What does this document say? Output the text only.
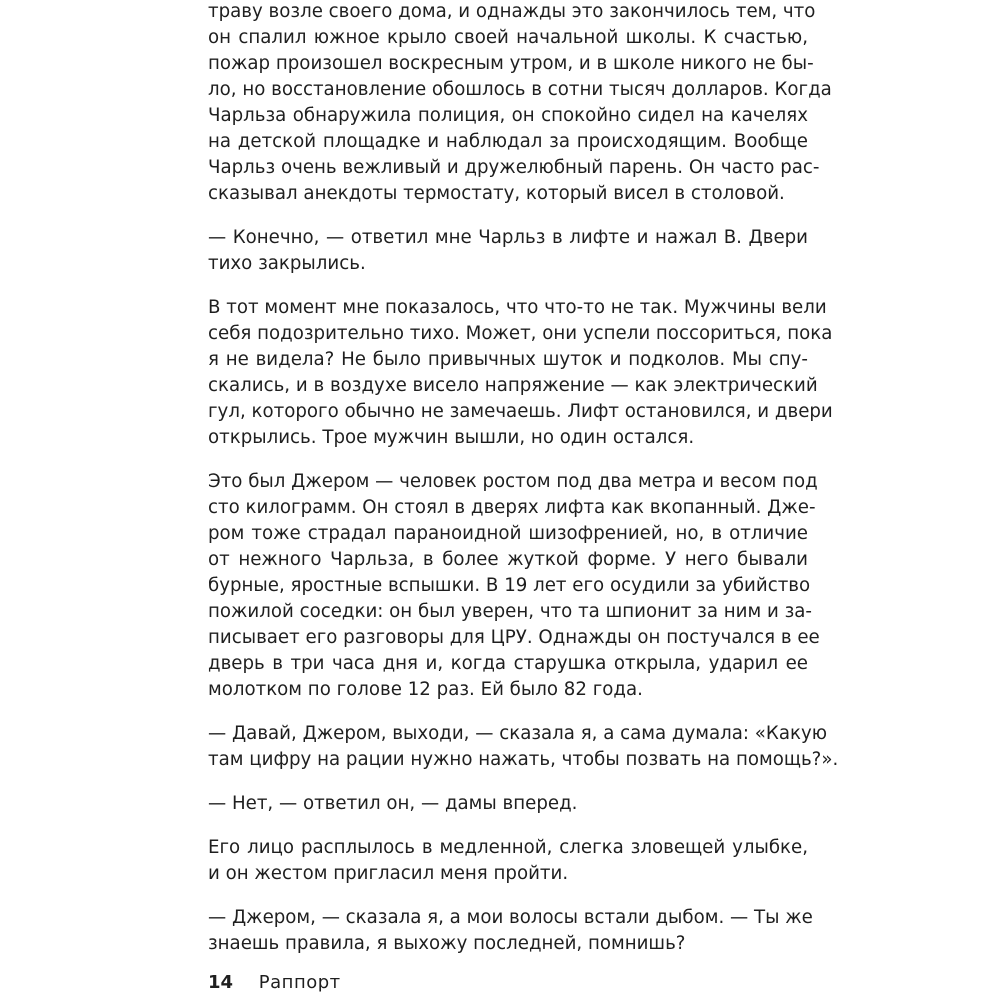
траву возле своего дома, и однажды это закончилось тем, что
он спалил южное крыло своей начальной школы. К счастью,
пожар произошел воскресным утром, и в школе никого не бы-
ло, но восстановление обошлось в сотни тысяч долларов. Когда
Чарльза обнаружила полиция, он спокойно сидел на качелях
на детской площадке и наблюдал за происходящим. Вообще
Чарльз очень вежливый и дружелюбный парень. Он часто рас-
сказывал анекдоты термостату, который висел в столовой.
— Конечно, — ответил мне Чарльз в лифте и нажал B. Двери
тихо закрылись.
В тот момент мне показалось, что что-то не так. Мужчины вели
себя подозрительно тихо. Может, они успели поссориться, пока
я не видела? Не было привычных шуток и подколов. Мы спу-
скались, и в воздухе висело напряжение — как электрический
гул, которого обычно не замечаешь. Лифт остановился, и двери
открылись. Трое мужчин вышли, но один остался.
Это был Джером — человек ростом под два метра и весом под
сто килограмм. Он стоял в дверях лифта как вкопанный. Дже-
ром тоже страдал параноидной шизофренией, но, в отличие
от нежного Чарльза, в более жуткой форме. У него бывали
бурные, яростные вспышки. В 19 лет его осудили за убийство
пожилой соседки: он был уверен, что та шпионит за ним и за-
писывает его разговоры для ЦРУ. Однажды он постучался в ее
дверь в три часа дня и, когда старушка открыла, ударил ее
молотком по голове 12 раз. Ей было 82 года.
— Давай, Джером, выходи, — сказала я, а сама думала: «Какую
там цифру на рации нужно нажать, чтобы позвать на помощь?».
— Нет, — ответил он, — дамы вперед.
Его лицо расплылось в медленной, слегка зловещей улыбке,
и он жестом пригласил меня пройти.
— Джером, — сказала я, а мои волосы встали дыбом. — Ты же
знаешь правила, я выхожу последней, помнишь?
14 Раппорт
